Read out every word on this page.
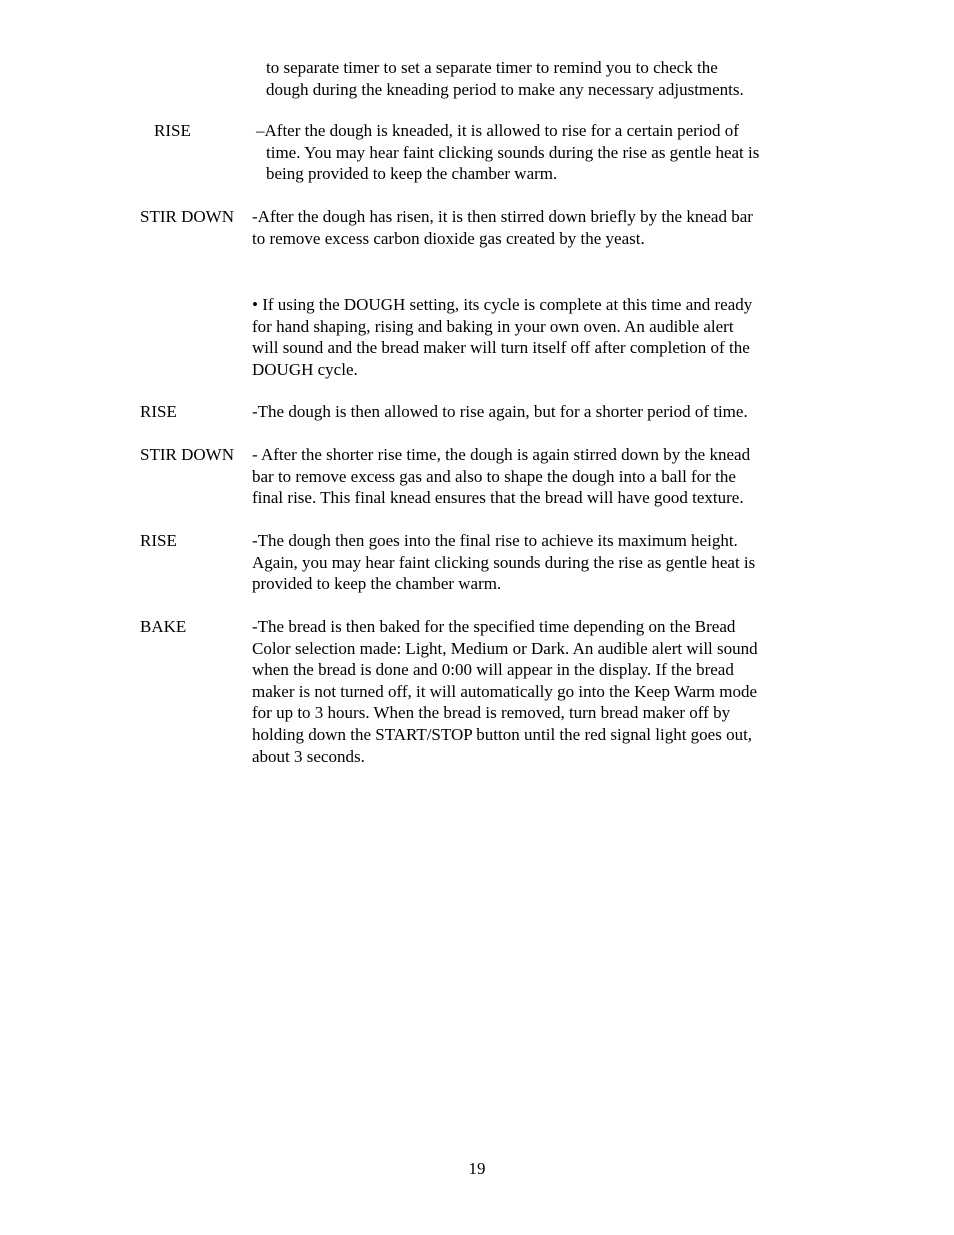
to separate timer to set a separate timer to remind you to check the
dough during the kneading period to make any necessary adjustments.
RISE	–After the dough is kneaded, it is allowed to rise for a certain period of
time. You may hear faint clicking sounds during the rise as gentle heat is
being provided to keep the chamber warm.
STIR DOWN -After the dough has risen, it is then stirred down briefly by the knead bar
to remove excess carbon dioxide gas created by the yeast.
• If using the DOUGH setting, its cycle is complete at this time and ready
for hand shaping, rising and baking in your own oven. An audible alert
will sound and the bread maker will turn itself off after completion of the
DOUGH cycle.
RISE	-The dough is then allowed to rise again, but for a shorter period of time.
STIR DOWN - After the shorter rise time, the dough is again stirred down by the knead
bar to remove excess gas and also to shape the dough into a ball for the
final rise. This final knead ensures that the bread will have good texture.
RISE	-The dough then goes into the final rise to achieve its maximum height.
Again, you may hear faint clicking sounds during the rise as gentle heat is
provided to keep the chamber warm.
BAKE	-The bread is then baked for the specified time depending on the Bread
Color selection made: Light, Medium or Dark. An audible alert will sound
when the bread is done and 0:00 will appear in the display. If the bread
maker is not turned off, it will automatically go into the Keep Warm mode
for up to 3 hours. When the bread is removed, turn bread maker off by
holding down the START/STOP button until the red signal light goes out,
about 3 seconds.
19
